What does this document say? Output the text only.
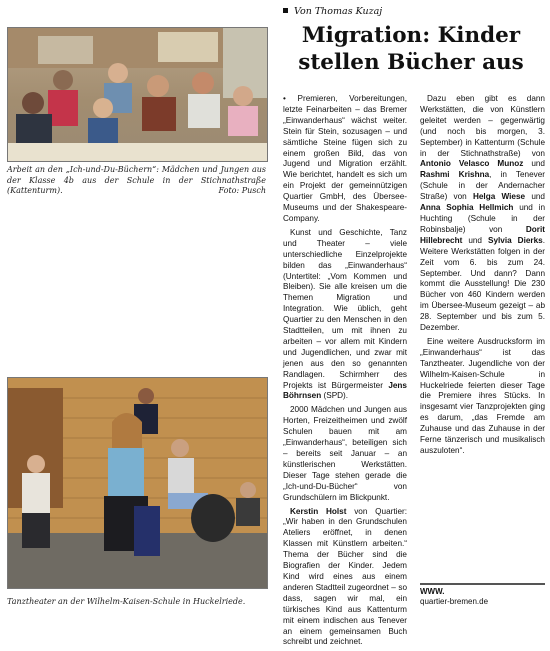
Arbeit an den „Ich-und-Du-Büchern“: Mädchen und Jungen aus der Klasse 4b aus der Schule in der Stichnathstraße (Kattenturm).	Foto: Pusch
Tanztheater an der Wilhelm-Kaisen-Schule in Huckelriede.
Von Thomas Kuzaj
Migration: Kinder stellen Bücher aus

• Premieren, Vorbereitungen, letzte Feinarbeiten – das Bremer „Einwanderhaus“ wächst weiter. Stein für Stein, sozusagen – und sämtliche Steine fügen sich zu einem großen Bild, das von Jugend und Migration erzählt. Wie berichtet, handelt es sich um ein Projekt der gemeinnützigen Quartier GmbH, des Übersee-Museums und der Shakespeare-Company.

Kunst und Geschichte, Tanz und Theater – viele unterschiedliche Einzelprojekte bilden das „Einwanderhaus“ (Untertitel: „Vom Kommen und Bleiben). Sie alle kreisen um die Themen Migration und Integration. Wie üblich, geht Quartier zu den Menschen in den Stadtteilen, um mit ihnen zu arbeiten – vor allem mit Kindern und Jugendlichen, und zwar mit jenen aus den so genannten Randlagen. Schirmherr des Projekts ist Bürgermeister Jens Böhrnsen (SPD).

2000 Mädchen und Jungen aus Horten, Freizeitheimen und zwölf Schulen bauen mit am „Einwanderhaus“, beteiligen sich – bereits seit Januar – an künstlerischen Werkstätten. Dieser Tage stehen gerade die „Ich-und-Du-Bücher“ von Grundschülern im Blickpunkt.

Kerstin Holst von Quartier: „Wir haben in den Grundschulen Ateliers eröffnet, in denen Klassen mit Künstlern arbeiten.“ Thema der Bücher sind die Biografien der Kinder. Jedem Kind wird eines aus einem anderen Stadtteil zugeordnet – so dass, sagen wir mal, ein türkisches Kind aus Kattenturm mit einem indischen aus Tenever an einem gemeinsamen Buch schreibt und zeichnet.

Dazu eben gibt es dann Werkstätten, die von Künstlern geleitet werden – gegenwärtig (und noch bis morgen, 3. September) in Kattenturm (Schule in der Stichnathstraße) von Antonio Velasco Munoz und Rashmi Krishna, in Tenever (Schule in der Andernacher Straße) von Helga Wiese und Anna Sophia Hellmich und in Huchting (Schule in der Robinsbalje) von	Dorit Hillebrecht und Sylvia Dierks. Weitere Werkstätten folgen in der Zeit vom 6. bis zum 24. September. Und dann? Dann kommt die Ausstellung! Die 230 Bücher von 460 Kindern werden im Übersee-Museum gezeigt – ab 28. September und bis zum 5. Dezember.

Eine weitere Ausdrucksform im „Einwanderhaus“ ist das Tanztheater. Jugendliche von der Wilhelm-Kaisen-Schule in Huckelriede feierten dieser Tage die Premiere ihres Stücks. In insgesamt vier Tanzprojekten ging es darum, „das Fremde am Zuhause und das Zuhause in der Ferne tänzerisch und musikalisch auszuloten“.

WWW.
quartier-bremen.de
